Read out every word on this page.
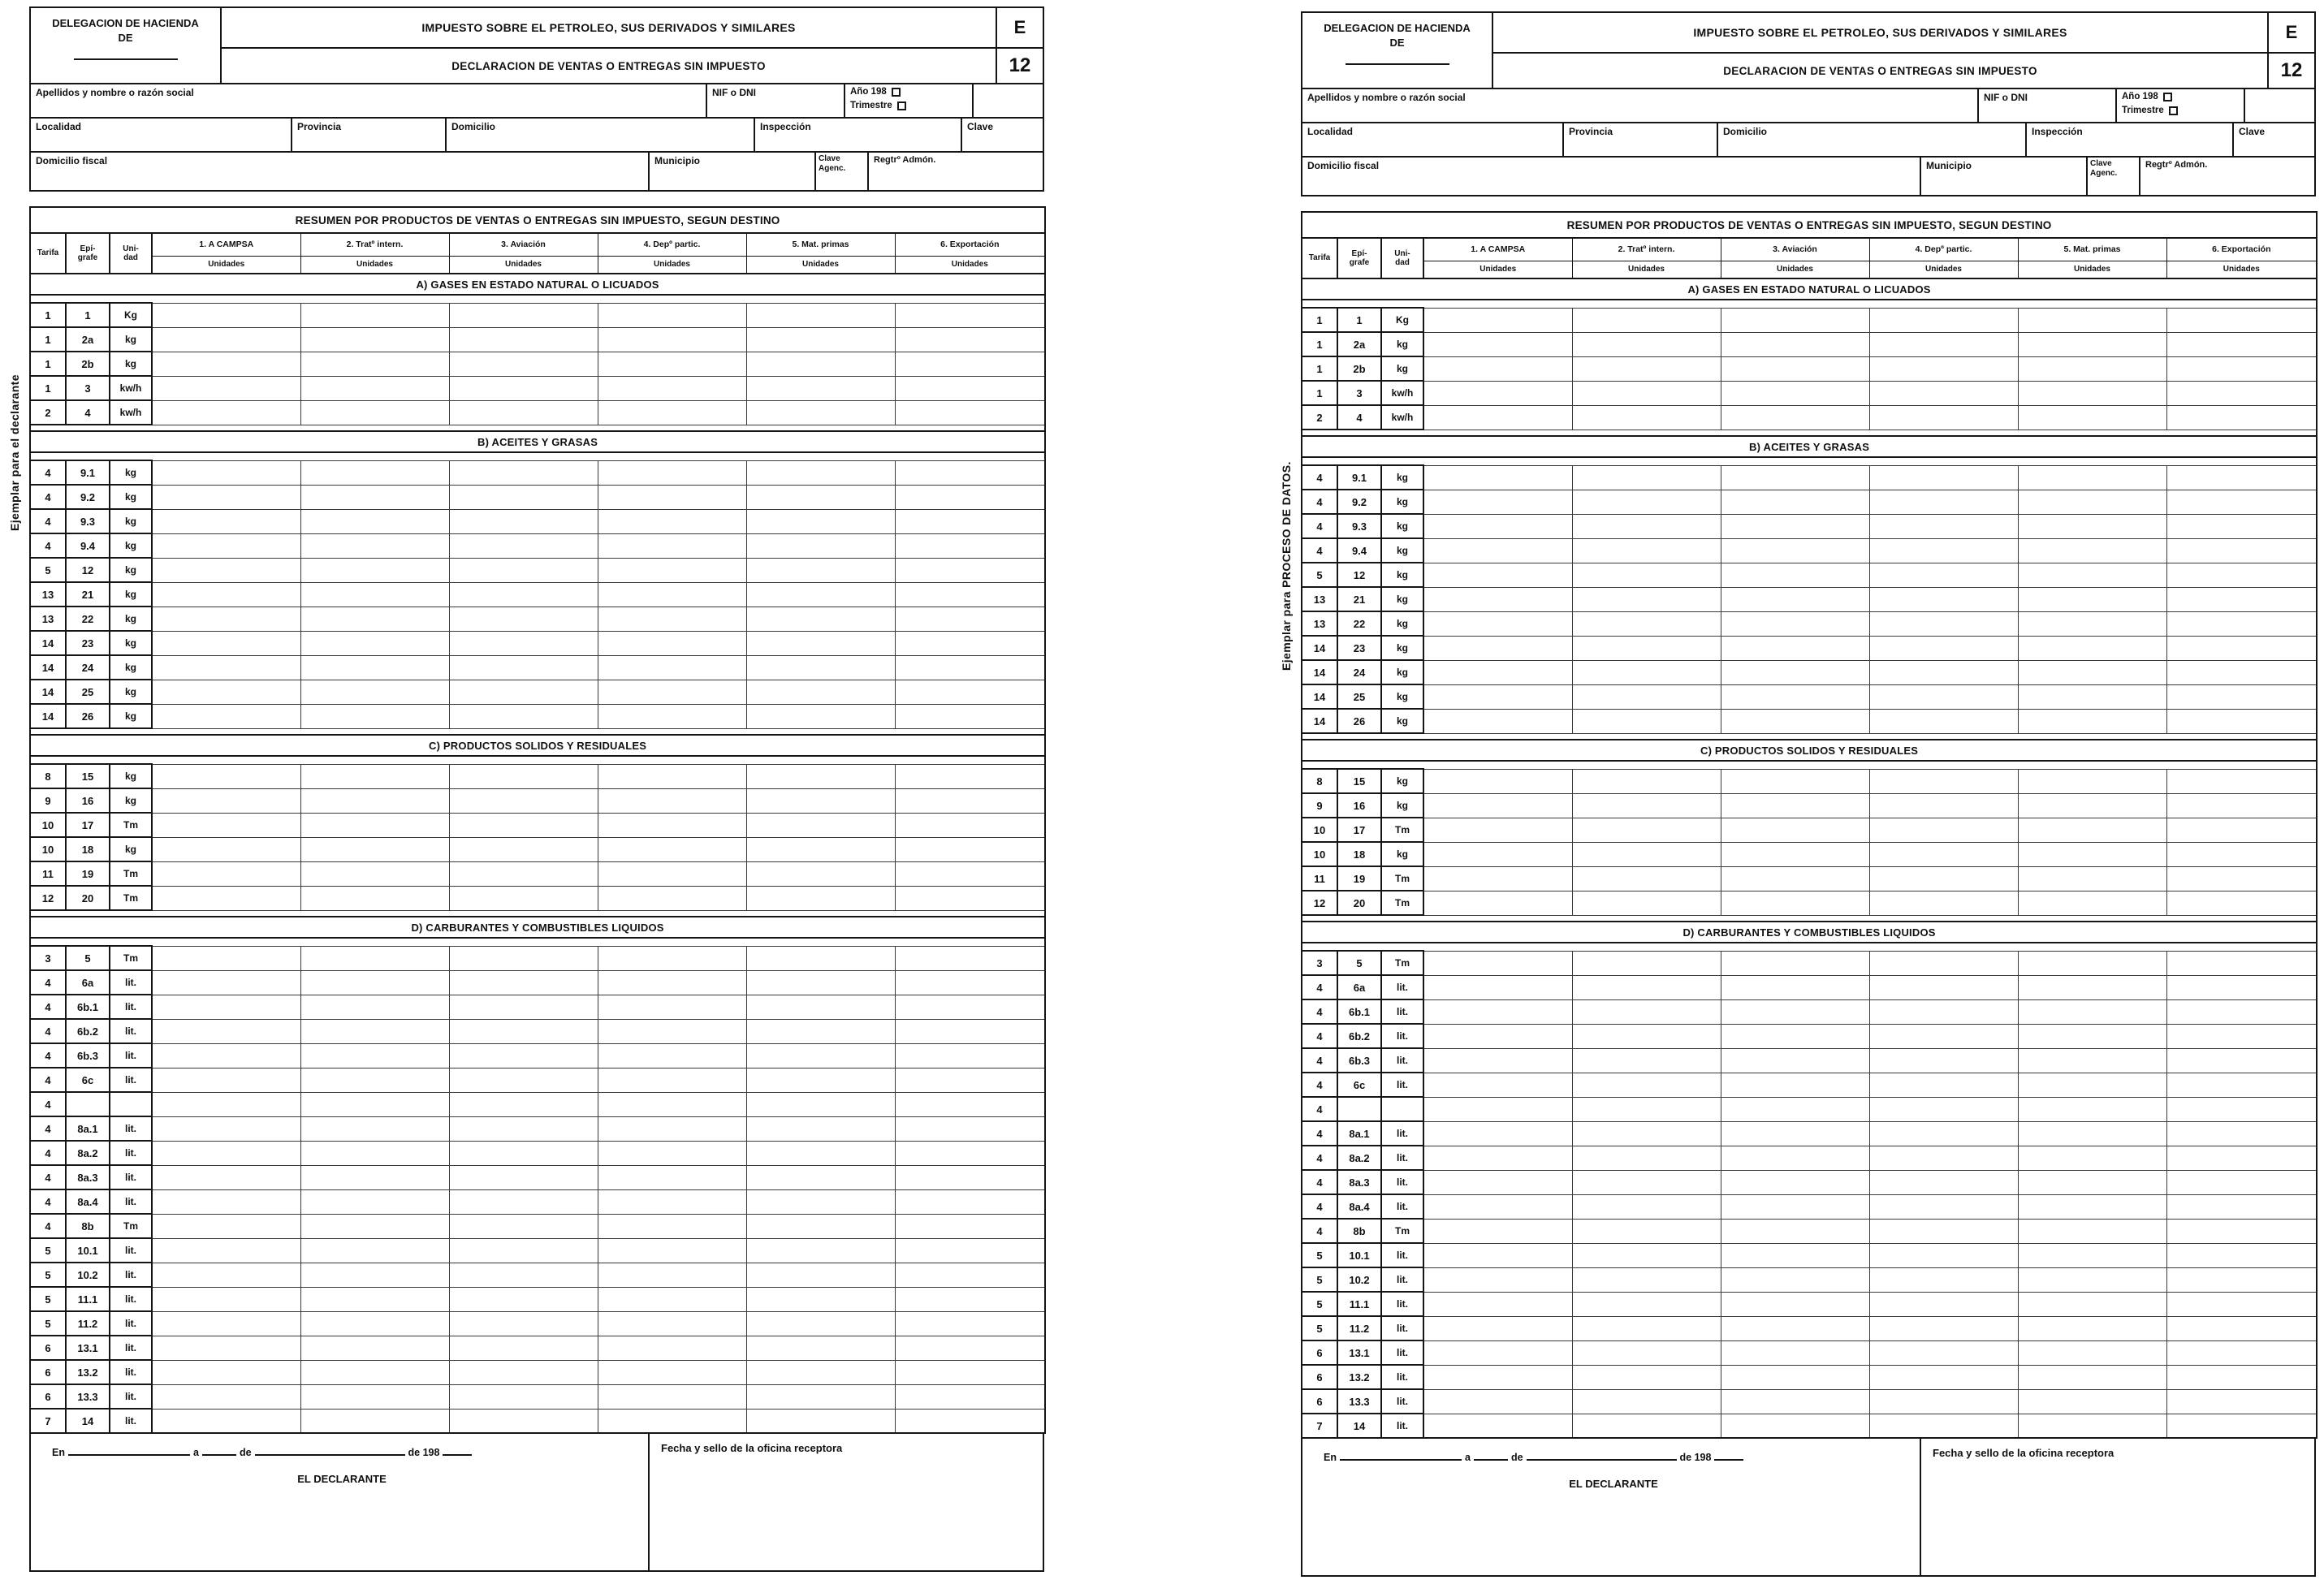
Ejemplar para el declarante
DELEGACION DE HACIENDA
DE
IMPUESTO SOBRE EL PETROLEO, SUS DERIVADOS Y SIMILARES
DECLARACION DE VENTAS O ENTREGAS SIN IMPUESTO
E
12
Apellidos y nombre o razón social	NIF o DNI	Año 198
Trimestre
Localidad	Provincia	Domicilio	Inspección	Clave
Domicilio fiscal	Municipio	Clave Agenc.
Regtrº Admón.
RESUMEN POR PRODUCTOS DE VENTAS O ENTREGAS SIN IMPUESTO, SEGUN DESTINO								
Tarifa	Epí-
grafe	Uni-
dad	1. A CAMPSA	2. Tratº intern.	3. Aviación	4. Depº partic.	5. Mat. primas	6. Exportación
			Unidades	Unidades	Unidades	Unidades	Unidades	Unidades
A) GASES EN ESTADO NATURAL O LICUADOS								

1	1	Kg						
1	2a	kg						
1	2b	kg						
1	3	kw/h						
2	4	kw/h						

B) ACEITES Y GRASAS								

4	9.1	kg						
4	9.2	kg						
4	9.3	kg						
4	9.4	kg						
5	12	kg						
13	21	kg						
13	22	kg						
14	23	kg						
14	24	kg						
14	25	kg						
14	26	kg						

C) PRODUCTOS SOLIDOS Y RESIDUALES								

8	15	kg						
9	16	kg						
10	17	Tm						
10	18	kg						
11	19	Tm						
12	20	Tm						

D) CARBURANTES Y COMBUSTIBLES LIQUIDOS								

3	5	Tm						
4	6a	lit.						
4	6b.1	lit.						
4	6b.2	lit.						
4	6b.3	lit.						
4	6c	lit.						
4								
4	8a.1	lit.						
4	8a.2	lit.						
4	8a.3	lit.						
4	8a.4	lit.						
4	8b	Tm						
5	10.1	lit.						
5	10.2	lit.						
5	11.1	lit.						
5	11.2	lit.						
6	13.1	lit.						
6	13.2	lit.						
6	13.3	lit.						
7	14	lit.						
En	a	de	de 198
EL DECLARANTE
Fecha y sello de la oficina receptora
Ejemplar para PROCESO DE DATOS.
DELEGACION DE HACIENDA
DE
IMPUESTO SOBRE EL PETROLEO, SUS DERIVADOS Y SIMILARES
DECLARACION DE VENTAS O ENTREGAS SIN IMPUESTO
E
12
Apellidos y nombre o razón social	NIF o DNI	Año 198
Trimestre
Localidad	Provincia	Domicilio	Inspección	Clave
Domicilio fiscal	Municipio	Clave Agenc.
Regtrº Admón.
RESUMEN POR PRODUCTOS DE VENTAS O ENTREGAS SIN IMPUESTO, SEGUN DESTINO								
Tarifa	Epí-
grafe	Uni-
dad	1. A CAMPSA	2. Tratº intern.	3. Aviación	4. Depº partic.	5. Mat. primas	6. Exportación
			Unidades	Unidades	Unidades	Unidades	Unidades	Unidades
A) GASES EN ESTADO NATURAL O LICUADOS								

1	1	Kg						
1	2a	kg						
1	2b	kg						
1	3	kw/h						
2	4	kw/h						

B) ACEITES Y GRASAS								

4	9.1	kg						
4	9.2	kg						
4	9.3	kg						
4	9.4	kg						
5	12	kg						
13	21	kg						
13	22	kg						
14	23	kg						
14	24	kg						
14	25	kg						
14	26	kg						

C) PRODUCTOS SOLIDOS Y RESIDUALES								

8	15	kg						
9	16	kg						
10	17	Tm						
10	18	kg						
11	19	Tm						
12	20	Tm						

D) CARBURANTES Y COMBUSTIBLES LIQUIDOS								

3	5	Tm						
4	6a	lit.						
4	6b.1	lit.						
4	6b.2	lit.						
4	6b.3	lit.						
4	6c	lit.						
4								
4	8a.1	lit.						
4	8a.2	lit.						
4	8a.3	lit.						
4	8a.4	lit.						
4	8b	Tm						
5	10.1	lit.						
5	10.2	lit.						
5	11.1	lit.						
5	11.2	lit.						
6	13.1	lit.						
6	13.2	lit.						
6	13.3	lit.						
7	14	lit.						
En	a	de	de 198
EL DECLARANTE
Fecha y sello de la oficina receptora
